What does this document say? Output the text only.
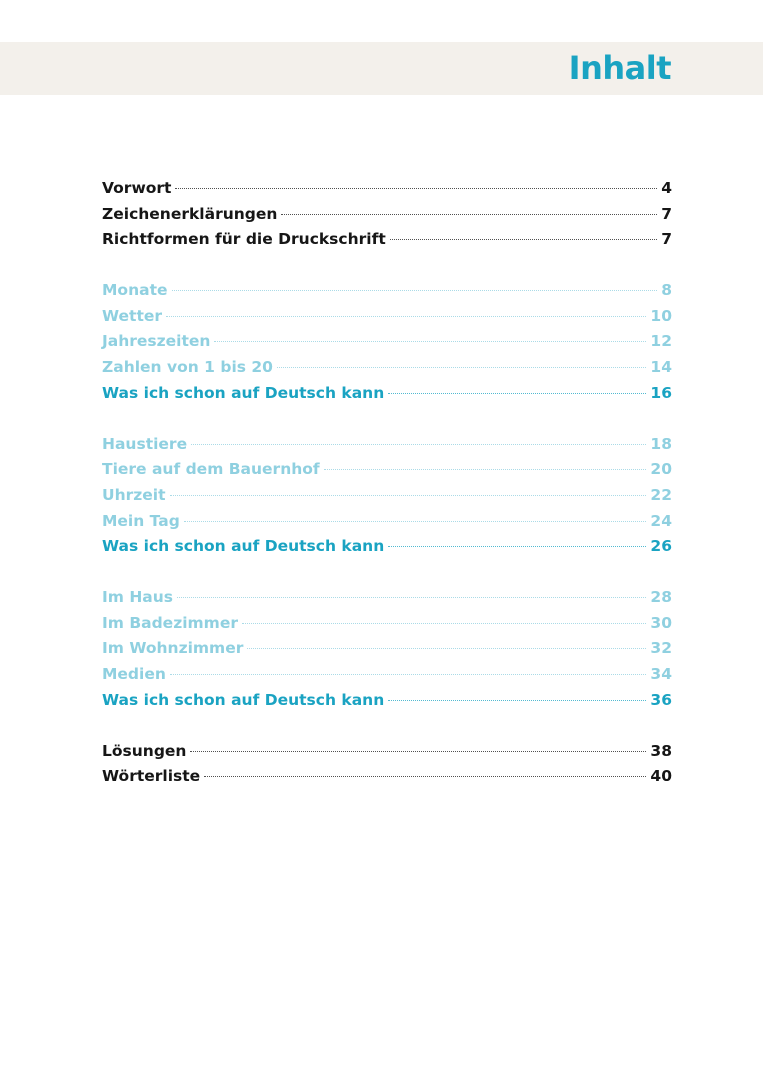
Inhalt
Vorwort	4
Zeichenerklärungen	7
Richtformen für die Druckschrift	7
Monate	8
Wetter	10
Jahreszeiten	12
Zahlen von 1 bis 20	14
Was ich schon auf Deutsch kann	16
Haustiere	18
Tiere auf dem Bauernhof	20
Uhrzeit	22
Mein Tag	24
Was ich schon auf Deutsch kann	26
Im Haus	28
Im Badezimmer	30
Im Wohnzimmer	32
Medien	34
Was ich schon auf Deutsch kann	36
Lösungen	38
Wörterliste	40
